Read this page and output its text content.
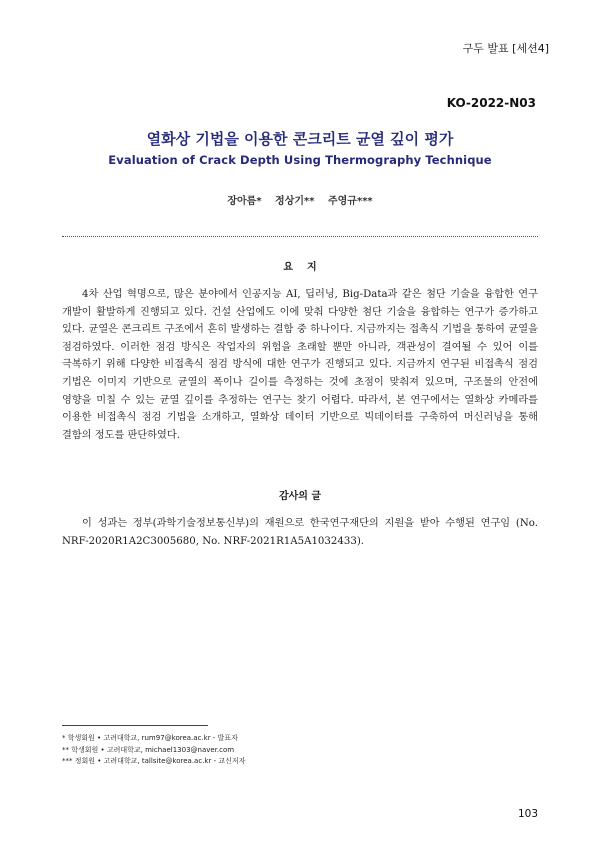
구두 발표 [세션4]
KO-2022-N03
열화상 기법을 이용한 콘크리트 균열 깊이 평가
Evaluation of Crack Depth Using Thermography Technique
장아름* 정상기** 주영규***
요    지

4차 산업 혁명으로, 많은 분야에서 인공지능 AI, 딥러닝, Big-Data과 같은 첨단 기술을 융합한 연구 개발이 활발하게 진행되고 있다. 건설 산업에도 이에 맞춰 다양한 첨단 기술을 융합하는 연구가 증가하고 있다. 균열은 콘크리트 구조에서 흔히 발생하는 결함 중 하나이다. 지금까지는 접촉식 기법을 통하여 균열을 점검하였다. 이러한 점검 방식은 작업자의 위험을 초래할 뿐만 아니라, 객관성이 결여될 수 있어 이를 극복하기 위해 다양한 비접촉식 점검 방식에 대한 연구가 진행되고 있다. 지금까지 연구된 비접촉식 점검 기법은 이미지 기반으로 균열의 폭이나 길이를 측정하는 것에 초점이 맞춰져 있으며, 구조물의 안전에 영향을 미칠 수 있는 균열 깊이를 추정하는 연구는 찾기 어렵다. 따라서, 본 연구에서는 열화상 카메라를 이용한 비접촉식 점검 기법을 소개하고, 열화상 데이터 기반으로 빅데이터를 구축하여 머신러닝을 통해 결함의 정도를 판단하였다.

감사의 글

이 성과는 정부(과학기술정보통신부)의 재원으로 한국연구재단의 지원을 받아 수행된 연구임 (No. NRF-2020R1A2C3005680, No. NRF-2021R1A5A1032433).

* 학생회원 • 고려대학교, rum97@korea.ac.kr - 발표자
** 학생회원 • 고려대학교, michael1303@naver.com
*** 정회원 • 고려대학교, tallsite@korea.ac.kr - 교신저자
103
